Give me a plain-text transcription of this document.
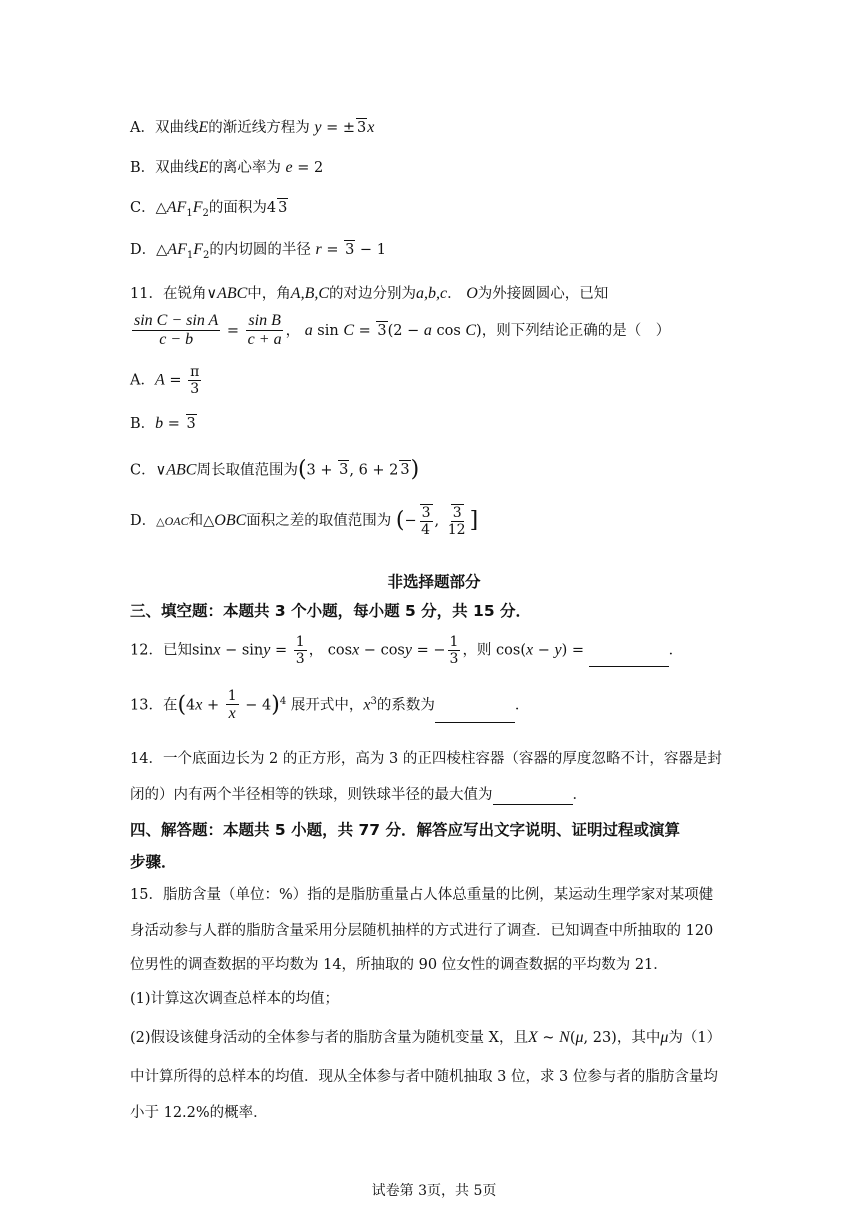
A．双曲线E的渐近线方程为 y = ± 3x
B．双曲线E的离心率为 e = 2
C．$\triangle AF_1F_2$的面积为4 3
D．$\triangle AF_1F_2$的内切圆的半径 r = 3 − 1
11．在锐角∨ABC中，角A,B,C的对边分别为a,b,c． O为外接圆圆心，已知
$\frac{\text{sin C − sin A}}{c - b} = \frac{\text{sin B}}{c + a}$ ， a sin C = 3(2 − a cos C)，则下列结论正确的是（　）
A．$A = \frac{\pi}{3}$
B．b = 3
C．∨ABC周长取值范围为(3 + 3, 6 + 2 3)
D．△OAC和△OBC面积之差的取值范围为 (− $\frac{3}{4}$ , $\frac{3}{12}$ ]
非选择题部分
三、填空题：本题共 3 个小题，每小题 5 分，共 15 分．
12．已知$\sin x - \sin y = \frac{1}{3}$ ， cosx − cosy = − $\frac{1}{3}$ ，则 cos(x − y) =	．
13．在$(4x + \frac{1}{x} - 4)^4$ 展开式中，$x^3$的系数为	．
14．一个底面边长为 2 的正方形，高为 3 的正四棱柱容器（容器的厚度忽略不计，容器是封
闭的）内有两个半径相等的铁球，则铁球半径的最大值为	．
四、解答题：本题共 5 小题，共 77 分．解答应写出文字说明、证明过程或演算
步骤．
15．脂肪含量（单位：%）指的是脂肪重量占人体总重量的比例，某运动生理学家对某项健
身活动参与人群的脂肪含量采用分层随机抽样的方式进行了调查．已知调查中所抽取的 120
位男性的调查数据的平均数为 14，所抽取的 90 位女性的调查数据的平均数为 21．
(1)计算这次调查总样本的均值；
(2)假设该健身活动的全体参与者的脂肪含量为随机变量 X，且X ~ N(μ, 23)，其中μ为（1）
中计算所得的总样本的均值．现从全体参与者中随机抽取 3 位，求 3 位参与者的脂肪含量均
小于 12.2%的概率．
试卷第 3页，共 5页
